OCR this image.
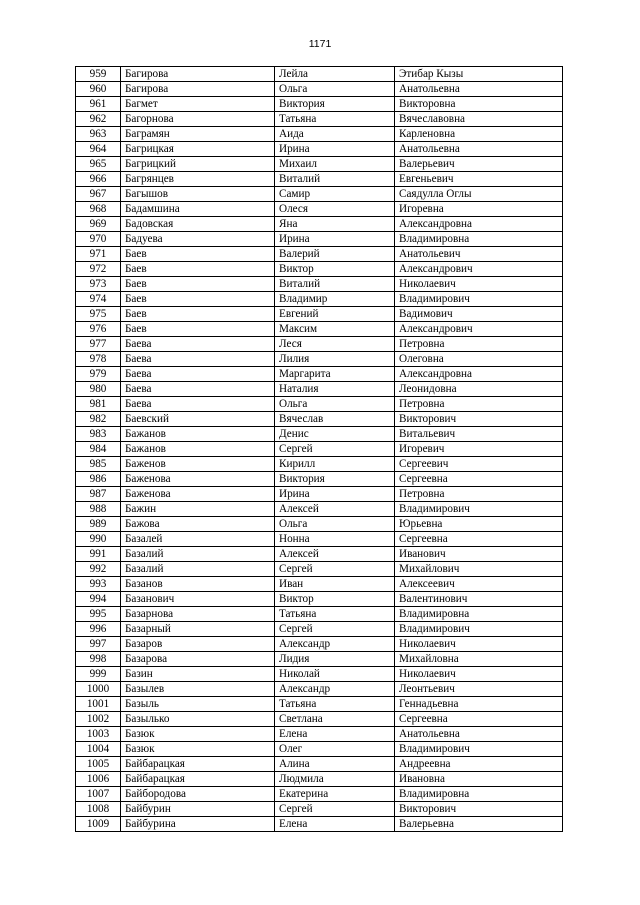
1171
959	Багирова	Лейла	Этибар Кызы
960	Багирова	Ольга	Анатольевна
961	Багмет	Виктория	Викторовна
962	Багорнова	Татьяна	Вячеславовна
963	Баграмян	Аида	Карленовна
964	Багрицкая	Ирина	Анатольевна
965	Багрицкий	Михаил	Валерьевич
966	Багрянцев	Виталий	Евгеньевич
967	Багышов	Самир	Саядулла Оглы
968	Бадамшина	Олеся	Игоревна
969	Бадовская	Яна	Александровна
970	Бадуева	Ирина	Владимировна
971	Баев	Валерий	Анатольевич
972	Баев	Виктор	Александрович
973	Баев	Виталий	Николаевич
974	Баев	Владимир	Владимирович
975	Баев	Евгений	Вадимович
976	Баев	Максим	Александрович
977	Баева	Леся	Петровна
978	Баева	Лилия	Олеговна
979	Баева	Маргарита	Александровна
980	Баева	Наталия	Леонидовна
981	Баева	Ольга	Петровна
982	Баевский	Вячеслав	Викторович
983	Бажанов	Денис	Витальевич
984	Бажанов	Сергей	Игоревич
985	Баженов	Кирилл	Сергеевич
986	Баженова	Виктория	Сергеевна
987	Баженова	Ирина	Петровна
988	Бажин	Алексей	Владимирович
989	Бажова	Ольга	Юрьевна
990	Базалей	Нонна	Сергеевна
991	Базалий	Алексей	Иванович
992	Базалий	Сергей	Михайлович
993	Базанов	Иван	Алексеевич
994	Базанович	Виктор	Валентинович
995	Базарнова	Татьяна	Владимировна
996	Базарный	Сергей	Владимирович
997	Базаров	Александр	Николаевич
998	Базарова	Лидия	Михайловна
999	Базин	Николай	Николаевич
1000	Базылев	Александр	Леонтьевич
1001	Базыль	Татьяна	Геннадьевна
1002	Базылько	Светлана	Сергеевна
1003	Базюк	Елена	Анатольевна
1004	Базюк	Олег	Владимирович
1005	Байбарацкая	Алина	Андреевна
1006	Байбарацкая	Людмила	Ивановна
1007	Байбородова	Екатерина	Владимировна
1008	Байбурин	Сергей	Викторович
1009	Байбурина	Елена	Валерьевна
